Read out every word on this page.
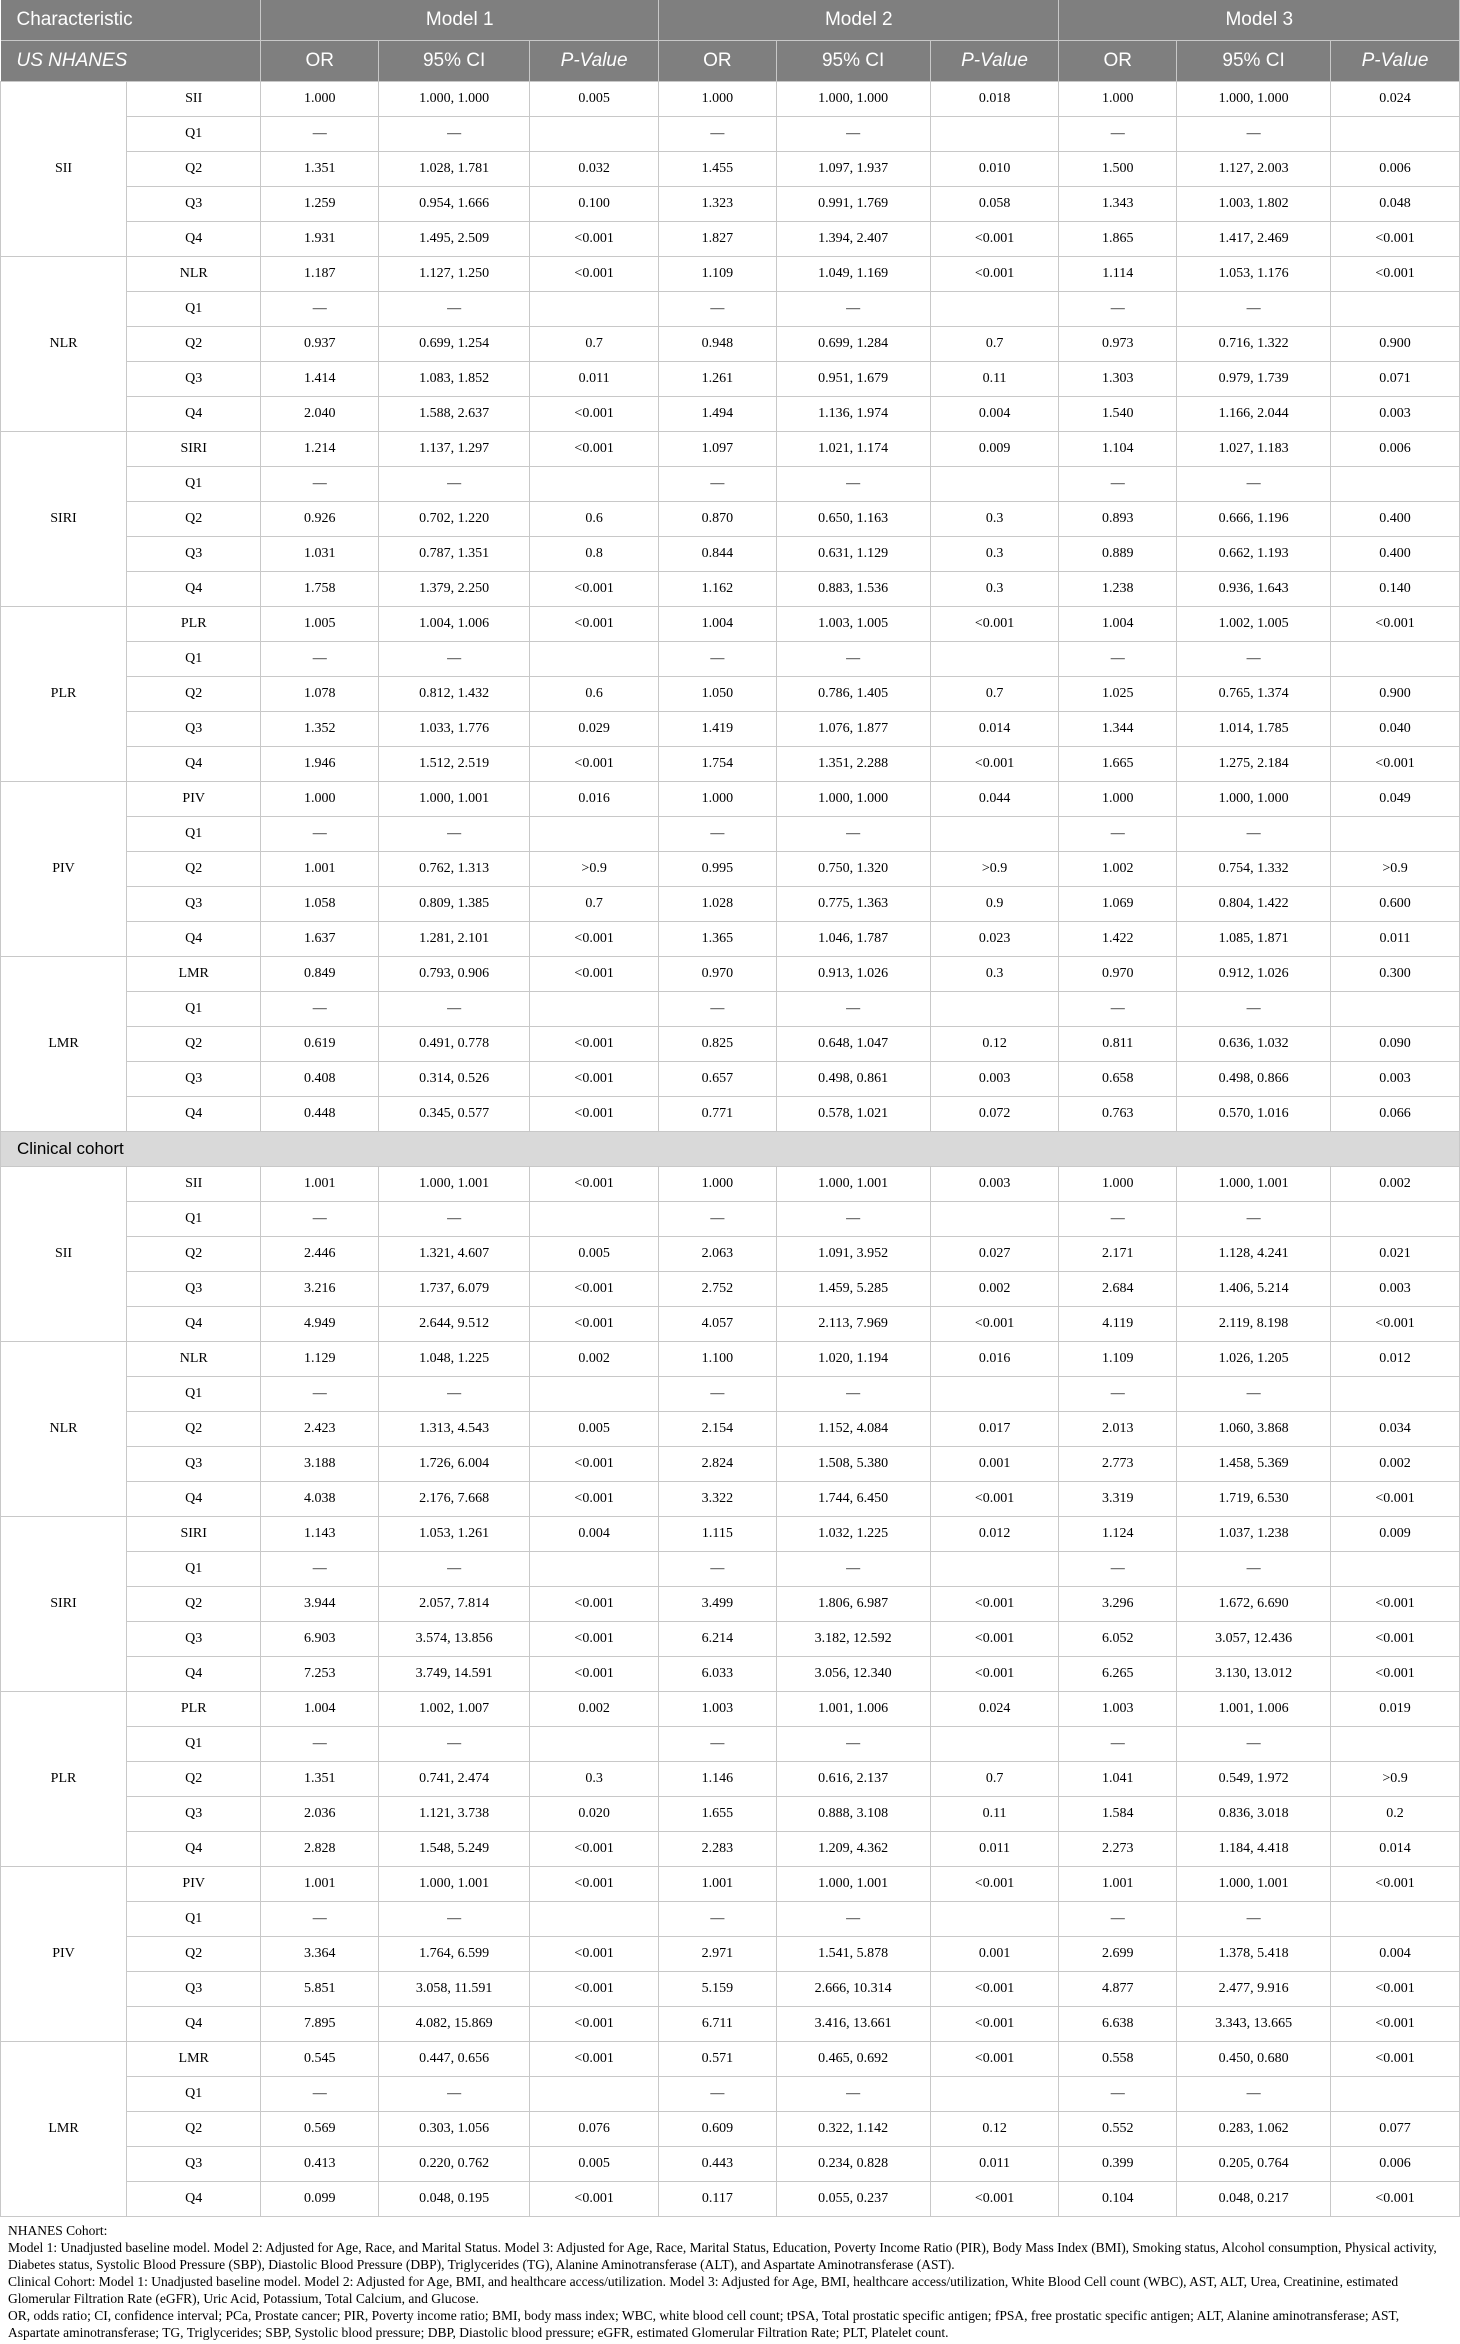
Characteristic		Model 1			Model 2			Model 3		
US NHANES		OR	95% CI	P-Value	OR	95% CI	P-Value	OR	95% CI	P-Value
SII	SII	1.000	1.000, 1.000	0.005	1.000	1.000, 1.000	0.018	1.000	1.000, 1.000	0.024
	Q1	—	—		—	—		—	—	
	Q2	1.351	1.028, 1.781	0.032	1.455	1.097, 1.937	0.010	1.500	1.127, 2.003	0.006
	Q3	1.259	0.954, 1.666	0.100	1.323	0.991, 1.769	0.058	1.343	1.003, 1.802	0.048
	Q4	1.931	1.495, 2.509	<0.001	1.827	1.394, 2.407	<0.001	1.865	1.417, 2.469	<0.001
NLR	NLR	1.187	1.127, 1.250	<0.001	1.109	1.049, 1.169	<0.001	1.114	1.053, 1.176	<0.001
	Q1	—	—		—	—		—	—	
	Q2	0.937	0.699, 1.254	0.7	0.948	0.699, 1.284	0.7	0.973	0.716, 1.322	0.900
	Q3	1.414	1.083, 1.852	0.011	1.261	0.951, 1.679	0.11	1.303	0.979, 1.739	0.071
	Q4	2.040	1.588, 2.637	<0.001	1.494	1.136, 1.974	0.004	1.540	1.166, 2.044	0.003
SIRI	SIRI	1.214	1.137, 1.297	<0.001	1.097	1.021, 1.174	0.009	1.104	1.027, 1.183	0.006
	Q1	—	—		—	—		—	—	
	Q2	0.926	0.702, 1.220	0.6	0.870	0.650, 1.163	0.3	0.893	0.666, 1.196	0.400
	Q3	1.031	0.787, 1.351	0.8	0.844	0.631, 1.129	0.3	0.889	0.662, 1.193	0.400
	Q4	1.758	1.379, 2.250	<0.001	1.162	0.883, 1.536	0.3	1.238	0.936, 1.643	0.140
PLR	PLR	1.005	1.004, 1.006	<0.001	1.004	1.003, 1.005	<0.001	1.004	1.002, 1.005	<0.001
	Q1	—	—		—	—		—	—	
	Q2	1.078	0.812, 1.432	0.6	1.050	0.786, 1.405	0.7	1.025	0.765, 1.374	0.900
	Q3	1.352	1.033, 1.776	0.029	1.419	1.076, 1.877	0.014	1.344	1.014, 1.785	0.040
	Q4	1.946	1.512, 2.519	<0.001	1.754	1.351, 2.288	<0.001	1.665	1.275, 2.184	<0.001
PIV	PIV	1.000	1.000, 1.001	0.016	1.000	1.000, 1.000	0.044	1.000	1.000, 1.000	0.049
	Q1	—	—		—	—		—	—	
	Q2	1.001	0.762, 1.313	>0.9	0.995	0.750, 1.320	>0.9	1.002	0.754, 1.332	>0.9
	Q3	1.058	0.809, 1.385	0.7	1.028	0.775, 1.363	0.9	1.069	0.804, 1.422	0.600
	Q4	1.637	1.281, 2.101	<0.001	1.365	1.046, 1.787	0.023	1.422	1.085, 1.871	0.011
LMR	LMR	0.849	0.793, 0.906	<0.001	0.970	0.913, 1.026	0.3	0.970	0.912, 1.026	0.300
	Q1	—	—		—	—		—	—	
	Q2	0.619	0.491, 0.778	<0.001	0.825	0.648, 1.047	0.12	0.811	0.636, 1.032	0.090
	Q3	0.408	0.314, 0.526	<0.001	0.657	0.498, 0.861	0.003	0.658	0.498, 0.866	0.003
	Q4	0.448	0.345, 0.577	<0.001	0.771	0.578, 1.021	0.072	0.763	0.570, 1.016	0.066
Clinical cohort										
SII	SII	1.001	1.000, 1.001	<0.001	1.000	1.000, 1.001	0.003	1.000	1.000, 1.001	0.002
	Q1	—	—		—	—		—	—	
	Q2	2.446	1.321, 4.607	0.005	2.063	1.091, 3.952	0.027	2.171	1.128, 4.241	0.021
	Q3	3.216	1.737, 6.079	<0.001	2.752	1.459, 5.285	0.002	2.684	1.406, 5.214	0.003
	Q4	4.949	2.644, 9.512	<0.001	4.057	2.113, 7.969	<0.001	4.119	2.119, 8.198	<0.001
NLR	NLR	1.129	1.048, 1.225	0.002	1.100	1.020, 1.194	0.016	1.109	1.026, 1.205	0.012
	Q1	—	—		—	—		—	—	
	Q2	2.423	1.313, 4.543	0.005	2.154	1.152, 4.084	0.017	2.013	1.060, 3.868	0.034
	Q3	3.188	1.726, 6.004	<0.001	2.824	1.508, 5.380	0.001	2.773	1.458, 5.369	0.002
	Q4	4.038	2.176, 7.668	<0.001	3.322	1.744, 6.450	<0.001	3.319	1.719, 6.530	<0.001
SIRI	SIRI	1.143	1.053, 1.261	0.004	1.115	1.032, 1.225	0.012	1.124	1.037, 1.238	0.009
	Q1	—	—		—	—		—	—	
	Q2	3.944	2.057, 7.814	<0.001	3.499	1.806, 6.987	<0.001	3.296	1.672, 6.690	<0.001
	Q3	6.903	3.574, 13.856	<0.001	6.214	3.182, 12.592	<0.001	6.052	3.057, 12.436	<0.001
	Q4	7.253	3.749, 14.591	<0.001	6.033	3.056, 12.340	<0.001	6.265	3.130, 13.012	<0.001
PLR	PLR	1.004	1.002, 1.007	0.002	1.003	1.001, 1.006	0.024	1.003	1.001, 1.006	0.019
	Q1	—	—		—	—		—	—	
	Q2	1.351	0.741, 2.474	0.3	1.146	0.616, 2.137	0.7	1.041	0.549, 1.972	>0.9
	Q3	2.036	1.121, 3.738	0.020	1.655	0.888, 3.108	0.11	1.584	0.836, 3.018	0.2
	Q4	2.828	1.548, 5.249	<0.001	2.283	1.209, 4.362	0.011	2.273	1.184, 4.418	0.014
PIV	PIV	1.001	1.000, 1.001	<0.001	1.001	1.000, 1.001	<0.001	1.001	1.000, 1.001	<0.001
	Q1	—	—		—	—		—	—	
	Q2	3.364	1.764, 6.599	<0.001	2.971	1.541, 5.878	0.001	2.699	1.378, 5.418	0.004
	Q3	5.851	3.058, 11.591	<0.001	5.159	2.666, 10.314	<0.001	4.877	2.477, 9.916	<0.001
	Q4	7.895	4.082, 15.869	<0.001	6.711	3.416, 13.661	<0.001	6.638	3.343, 13.665	<0.001
LMR	LMR	0.545	0.447, 0.656	<0.001	0.571	0.465, 0.692	<0.001	0.558	0.450, 0.680	<0.001
	Q1	—	—		—	—		—	—	
	Q2	0.569	0.303, 1.056	0.076	0.609	0.322, 1.142	0.12	0.552	0.283, 1.062	0.077
	Q3	0.413	0.220, 0.762	0.005	0.443	0.234, 0.828	0.011	0.399	0.205, 0.764	0.006
	Q4	0.099	0.048, 0.195	<0.001	0.117	0.055, 0.237	<0.001	0.104	0.048, 0.217	<0.001

NHANES Cohort:

Model 1: Unadjusted baseline model. Model 2: Adjusted for Age, Race, and Marital Status. Model 3: Adjusted for Age, Race, Marital Status, Education, Poverty Income Ratio (PIR), Body Mass Index (BMI), Smoking status, Alcohol consumption, Physical activity, Diabetes status, Systolic Blood Pressure (SBP), Diastolic Blood Pressure (DBP), Triglycerides (TG), Alanine Aminotransferase (ALT), and Aspartate Aminotransferase (AST).

Clinical Cohort: Model 1: Unadjusted baseline model. Model 2: Adjusted for Age, BMI, and healthcare access/utilization. Model 3: Adjusted for Age, BMI, healthcare access/utilization, White Blood Cell count (WBC), AST, ALT, Urea, Creatinine, estimated Glomerular Filtration Rate (eGFR), Uric Acid, Potassium, Total Calcium, and Glucose.

OR, odds ratio; CI, confidence interval; PCa, Prostate cancer; PIR, Poverty income ratio; BMI, body mass index; WBC, white blood cell count; tPSA, Total prostatic specific antigen; fPSA, free prostatic specific antigen; ALT, Alanine aminotransferase; AST, Aspartate aminotransferase; TG, Triglycerides; SBP, Systolic blood pressure; DBP, Diastolic blood pressure; eGFR, estimated Glomerular Filtration Rate; PLT, Platelet count.
